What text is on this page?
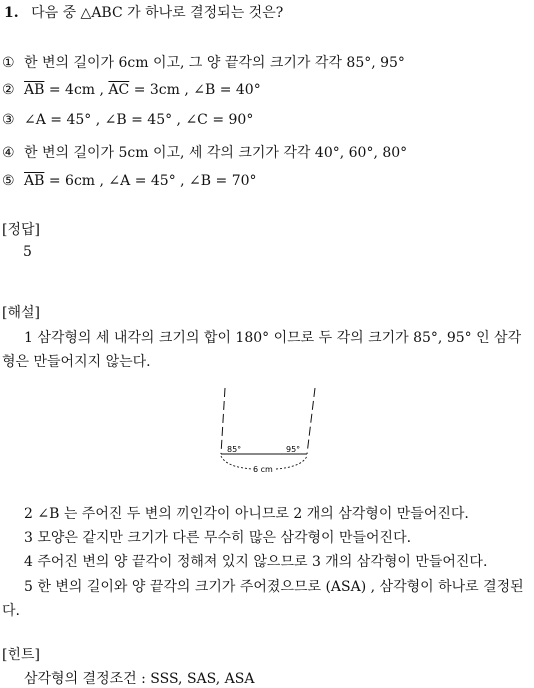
1. 다음 중 △ABC 가 하나로 결정되는 것은?
① 한 변의 길이가 6cm 이고, 그 양 끝각의 크기가 각각 85°, 95°
② $\overline{AB} = 4cm$ , $\overline{AC} = 3cm$ , ∠B = 40°
③ ∠A = 45° , ∠B = 45° , ∠C = 90°
④ 한 변의 길이가 5cm 이고, 세 각의 크기가 각각 40°, 60°, 80°
⑤ $\overline{AB} = 6cm$ , ∠A = 45° , ∠B = 70°
[정답]
5
[해설]
1 삼각형의 세 내각의 크기의 합이 180° 이므로 두 각의 크기가 85°, 95° 인 삼각형은 만들어지지 않는다.
85°	95°
6 cm
2 ∠B 는 주어진 두 변의 끼인각이 아니므로 2 개의 삼각형이 만들어진다.
3 모양은 같지만 크기가 다른 무수히 많은 삼각형이 만들어진다.
4 주어진 변의 양 끝각이 정해져 있지 않으므로 3 개의 삼각형이 만들어진다.
5 한 변의 길이와 양 끝각의 크기가 주어졌으므로 (ASA) , 삼각형이 하나로 결정된다.
[힌트]
삼각형의 결정조건 : SSS, SAS, ASA
